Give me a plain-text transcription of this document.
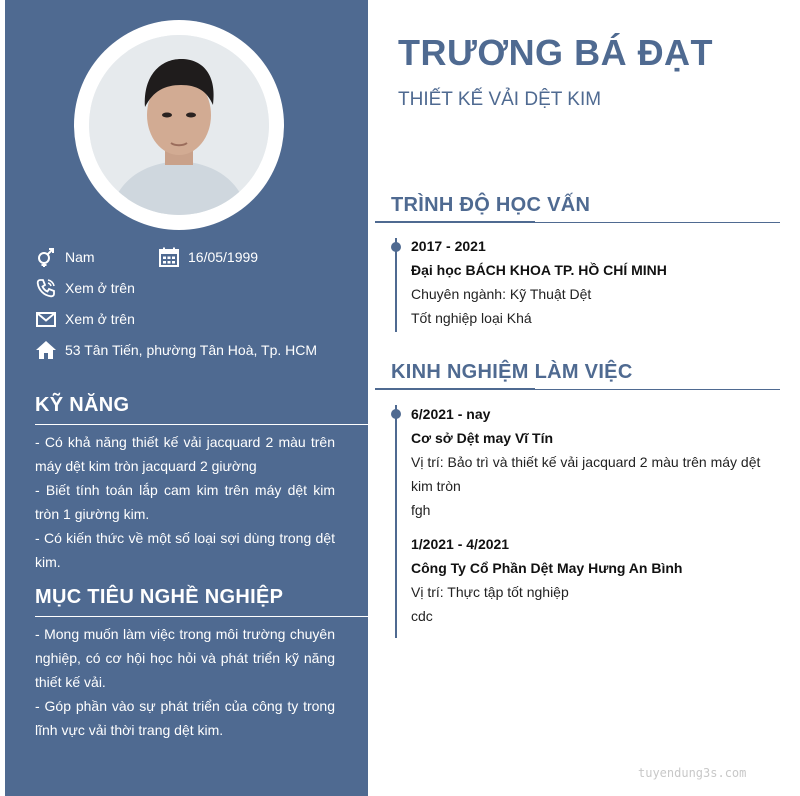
Nam	16/05/1999
Xem ở trên
Xem ở trên
53 Tân Tiến, phường Tân Hoà, Tp. HCM
KỸ NĂNG

- Có khả năng thiết kế vải jacquard 2 màu trên máy dệt kim tròn jacquard 2 giường

- Biết tính toán lắp cam kim trên máy dệt kim tròn 1 giường kim.

- Có kiến thức về một số loại sợi dùng trong dệt kim.

MỤC TIÊU NGHỀ NGHIỆP

- Mong muốn làm việc trong môi trường chuyên nghiệp, có cơ hội học hỏi và phát triển kỹ năng thiết kế vải.

- Góp phần vào sự phát triển của công ty trong lĩnh vực vải thời trang dệt kim.

TRƯƠNG BÁ ĐẠT
THIẾT KẾ VẢI DỆT KIM
TRÌNH ĐỘ HỌC VẤN
2017 - 2021
Đại học BÁCH KHOA TP. HỒ CHÍ MINH
Chuyên ngành: Kỹ Thuật Dệt
Tốt nghiệp loại Khá
KINH NGHIỆM LÀM VIỆC
6/2021 - nay
Cơ sở Dệt may Vĩ Tín
Vị trí: Bảo trì và thiết kế vải jacquard 2 màu trên máy dệt kim tròn
fgh
1/2021 - 4/2021
Công Ty Cổ Phần Dệt May Hưng An Bình
Vị trí: Thực tập tốt nghiệp
cdc
tuyendung3s.com
